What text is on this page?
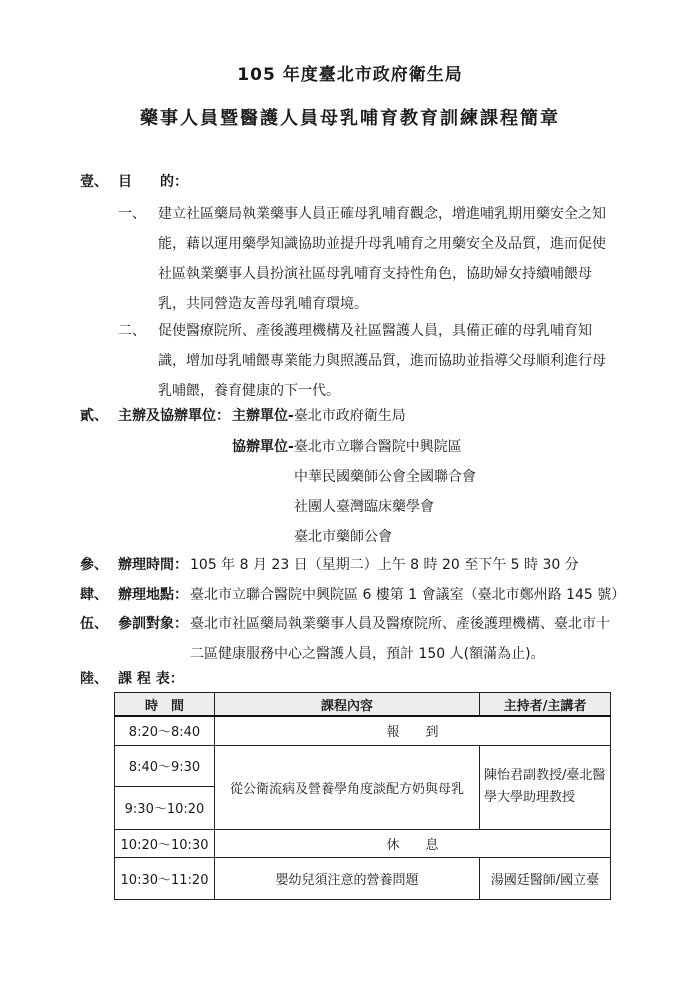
105 年度臺北市政府衛生局
藥事人員暨醫護人員母乳哺育教育訓練課程簡章
壹、 目　　的：
一、 建立社區藥局執業藥事人員正確母乳哺育觀念，增進哺乳期用藥安全之知
能，藉以運用藥學知識協助並提升母乳哺育之用藥安全及品質，進而促使
社區執業藥事人員扮演社區母乳哺育支持性角色，協助婦女持續哺餵母
乳，共同營造友善母乳哺育環境。
二、 促使醫療院所、產後護理機構及社區醫護人員，具備正確的母乳哺育知
識，增加母乳哺餵專業能力與照護品質，進而協助並指導父母順利進行母
乳哺餵，養育健康的下一代。
貳、 主辦及協辦單位： 主辦單位-臺北市政府衛生局
協辦單位-臺北市立聯合醫院中興院區
中華民國藥師公會全國聯合會
社團人臺灣臨床藥學會
臺北市藥師公會
參、 辦理時間： 105 年 8 月 23 日（星期二）上午 8 時 20 至下午 5 時 30 分
肆、 辦理地點： 臺北市立聯合醫院中興院區 6 樓第 1 會議室（臺北市鄭州路 145 號）
伍、 參訓對象： 臺北市社區藥局執業藥事人員及醫療院所、產後護理機構、臺北市十
二區健康服務中心之醫護人員，預計 150 人(額滿為止)。
陸、 課 程 表：
時　間	課程內容	主持者/主講者
8:20～8:40	報　　到	
8:40～9:30	從公衛流病及營養學角度談配方奶與母乳	陳怡君副教授/臺北醫學大學助理教授
9:30～10:20		
10:20～10:30	休　　息	
10:30～11:20	嬰幼兒須注意的營養問題	湯國廷醫師/國立臺
